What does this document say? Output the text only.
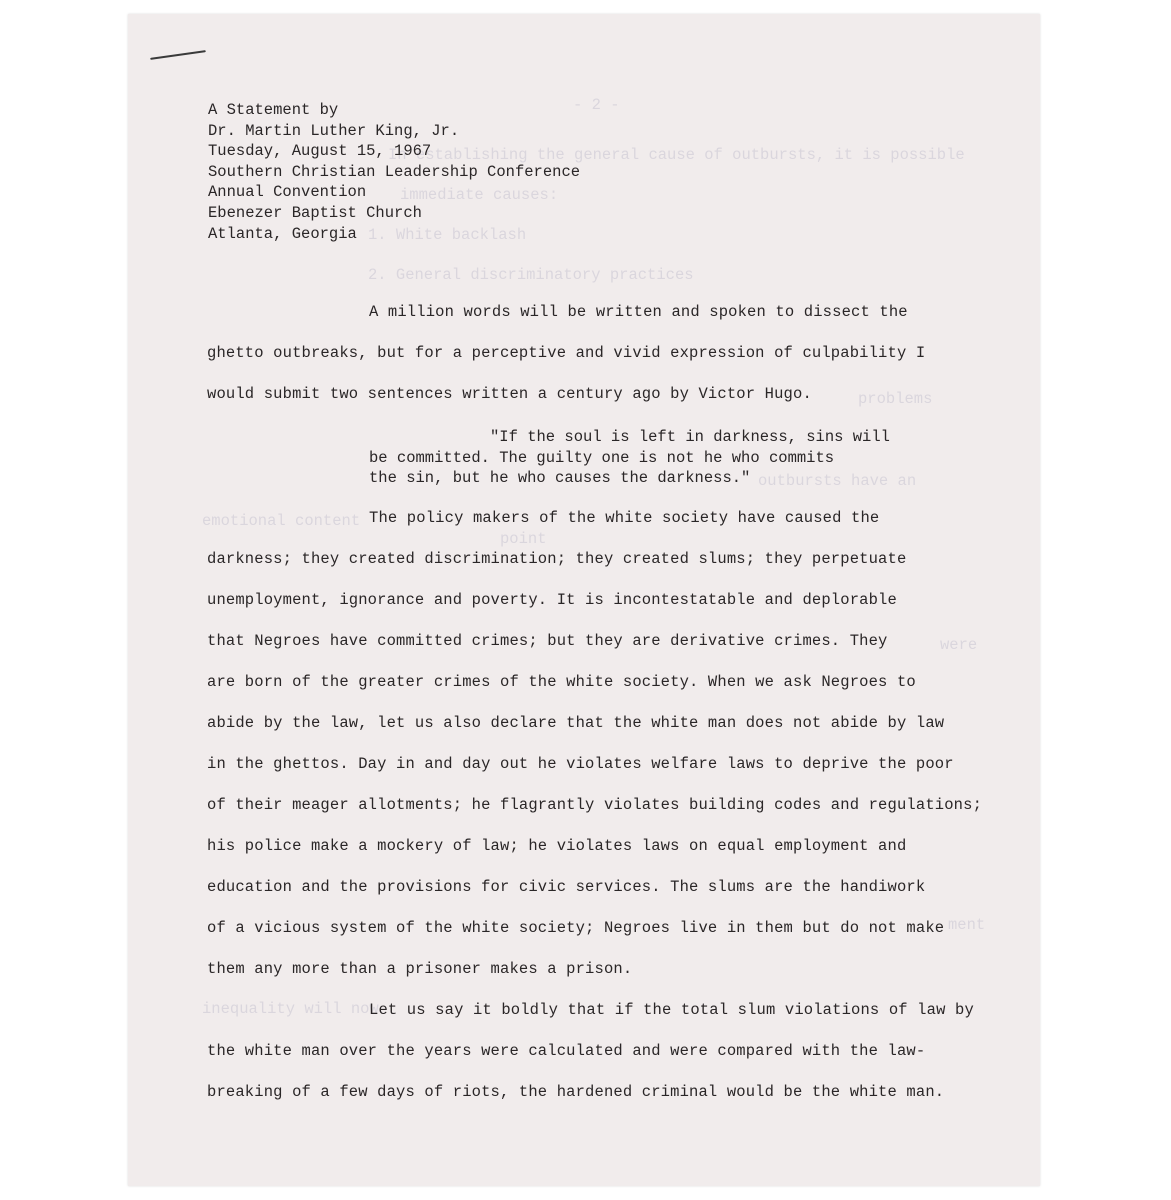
- 2 -
In establishing the general cause of outbursts, it is possible
immediate causes:
1. White backlash
2. General discriminatory practices
problems
outbursts have an
emotional content
point
were
ment
inequality will now
A Statement by
Dr. Martin Luther King, Jr.
Tuesday, August 15, 1967
Southern Christian Leadership Conference
Annual Convention
Ebenezer Baptist Church
Atlanta, Georgia
A million words will be written and spoken to dissect the
ghetto outbreaks, but for a perceptive and vivid expression of culpability I
would submit two sentences written a century ago by Victor Hugo.
"If the soul is left in darkness, sins will
be committed. The guilty one is not he who commits
the sin, but he who causes the darkness."
The policy makers of the white society have caused the
darkness; they created discrimination; they created slums; they perpetuate
unemployment, ignorance and poverty. It is incontestatable and deplorable
that Negroes have committed crimes; but they are derivative crimes. They
are born of the greater crimes of the white society. When we ask Negroes to
abide by the law, let us also declare that the white man does not abide by law
in the ghettos. Day in and day out he violates welfare laws to deprive the poor
of their meager allotments; he flagrantly violates building codes and regulations;
his police make a mockery of law; he violates laws on equal employment and
education and the provisions for civic services. The slums are the handiwork
of a vicious system of the white society; Negroes live in them but do not make
them any more than a prisoner makes a prison.
Let us say it boldly that if the total slum violations of law by
the white man over the years were calculated and were compared with the law-
breaking of a few days of riots, the hardened criminal would be the white man.
